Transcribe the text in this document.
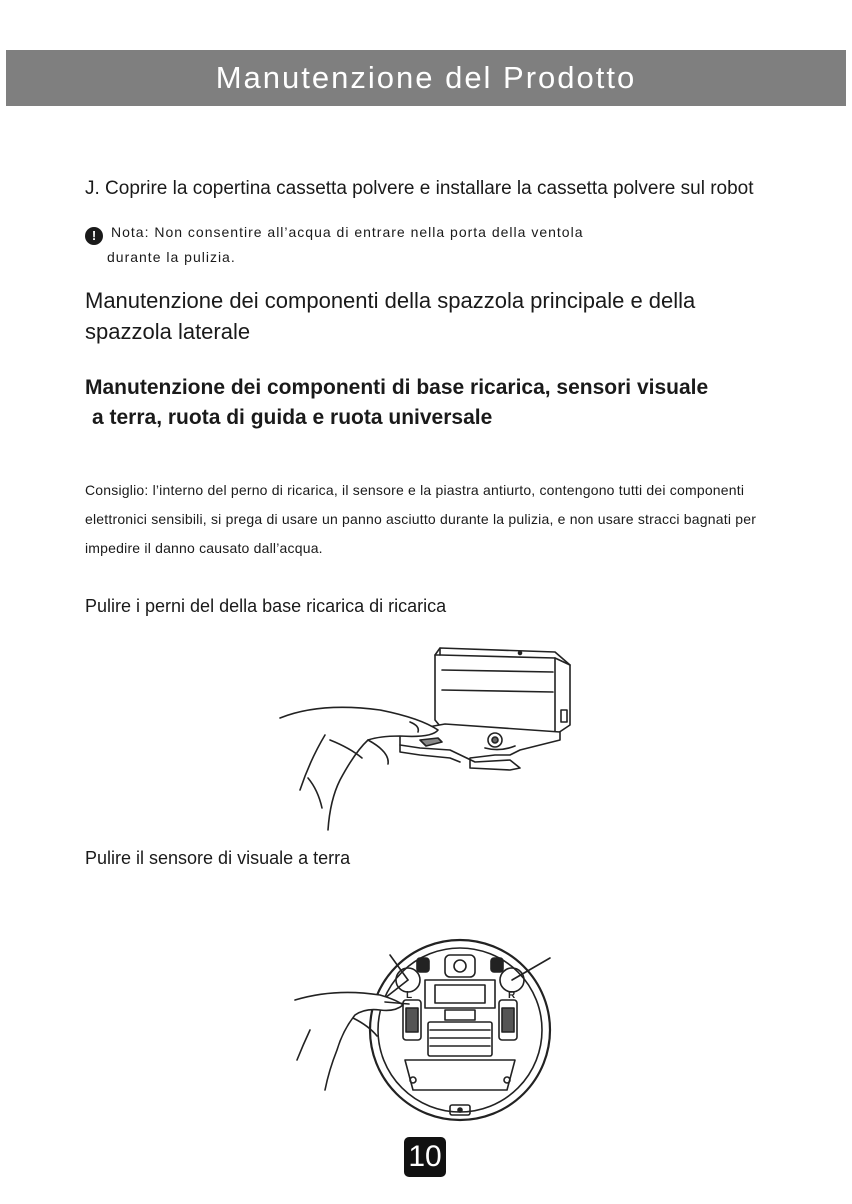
Manutenzione del Prodotto
J. Coprire la copertina cassetta polvere e installare la cassetta polvere sul robot
! Nota: Non consentire all’acqua di entrare nella porta della ventola
durante la pulizia.
Manutenzione dei componenti della spazzola principale e della
spazzola laterale
Manutenzione dei componenti di base ricarica, sensori visuale
a terra, ruota di guida e ruota universale
Consiglio: l’interno del perno di ricarica, il sensore e la piastra antiurto, contengono tutti dei componenti elettronici sensibili, si prega di usare un panno asciutto durante la pulizia, e non usare stracci bagnati per impedire il danno causato dall’acqua.
Pulire i perni del della base ricarica di ricarica
Pulire il sensore di visuale a terra
L	R
10
